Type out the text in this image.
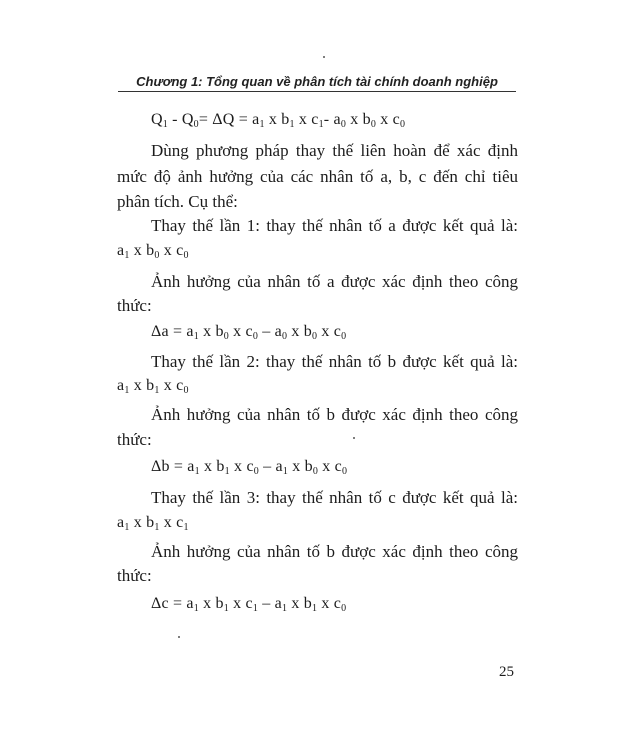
Chương 1: Tổng quan về phân tích tài chính doanh nghiệp
$Q_1 - Q_0= \Delta Q = a_1$ x $b_1$ x $c_1-$ $a_0$ x $b_0$ x $c_0$
Dùng phương pháp thay thế liên hoàn để xác định
mức độ ảnh hưởng của các nhân tố a, b, c đến chỉ tiêu
phân tích. Cụ thể:
Thay thế lần 1: thay thế nhân tố a được kết quả là:
$a_1$ x $b_0$ x $c_0$
Ảnh hưởng của nhân tố a được xác định theo công
thức:
$\Delta a = a_1$ x $b_0$ x $c_0 - a_0$ x $b_0$ x $c_0$
Thay thế lần 2: thay thế nhân tố b được kết quả là:
$a_1$ x $b_1$ x $c_0$
Ảnh hưởng của nhân tố b được xác định theo công
thức:
$\Delta b = a_1$ x $b_1$ x $c_0 - a_1$ x $b_0$ x $c_0$
Thay thế lần 3: thay thế nhân tố c được kết quả là:
$a_1$ x $b_1$ x $c_1$
Ảnh hưởng của nhân tố b được xác định theo công
thức:
$\Delta c = a_1$ x $b_1$ x $c_1 - a_1$ x $b_1$ x $c_0$
25
